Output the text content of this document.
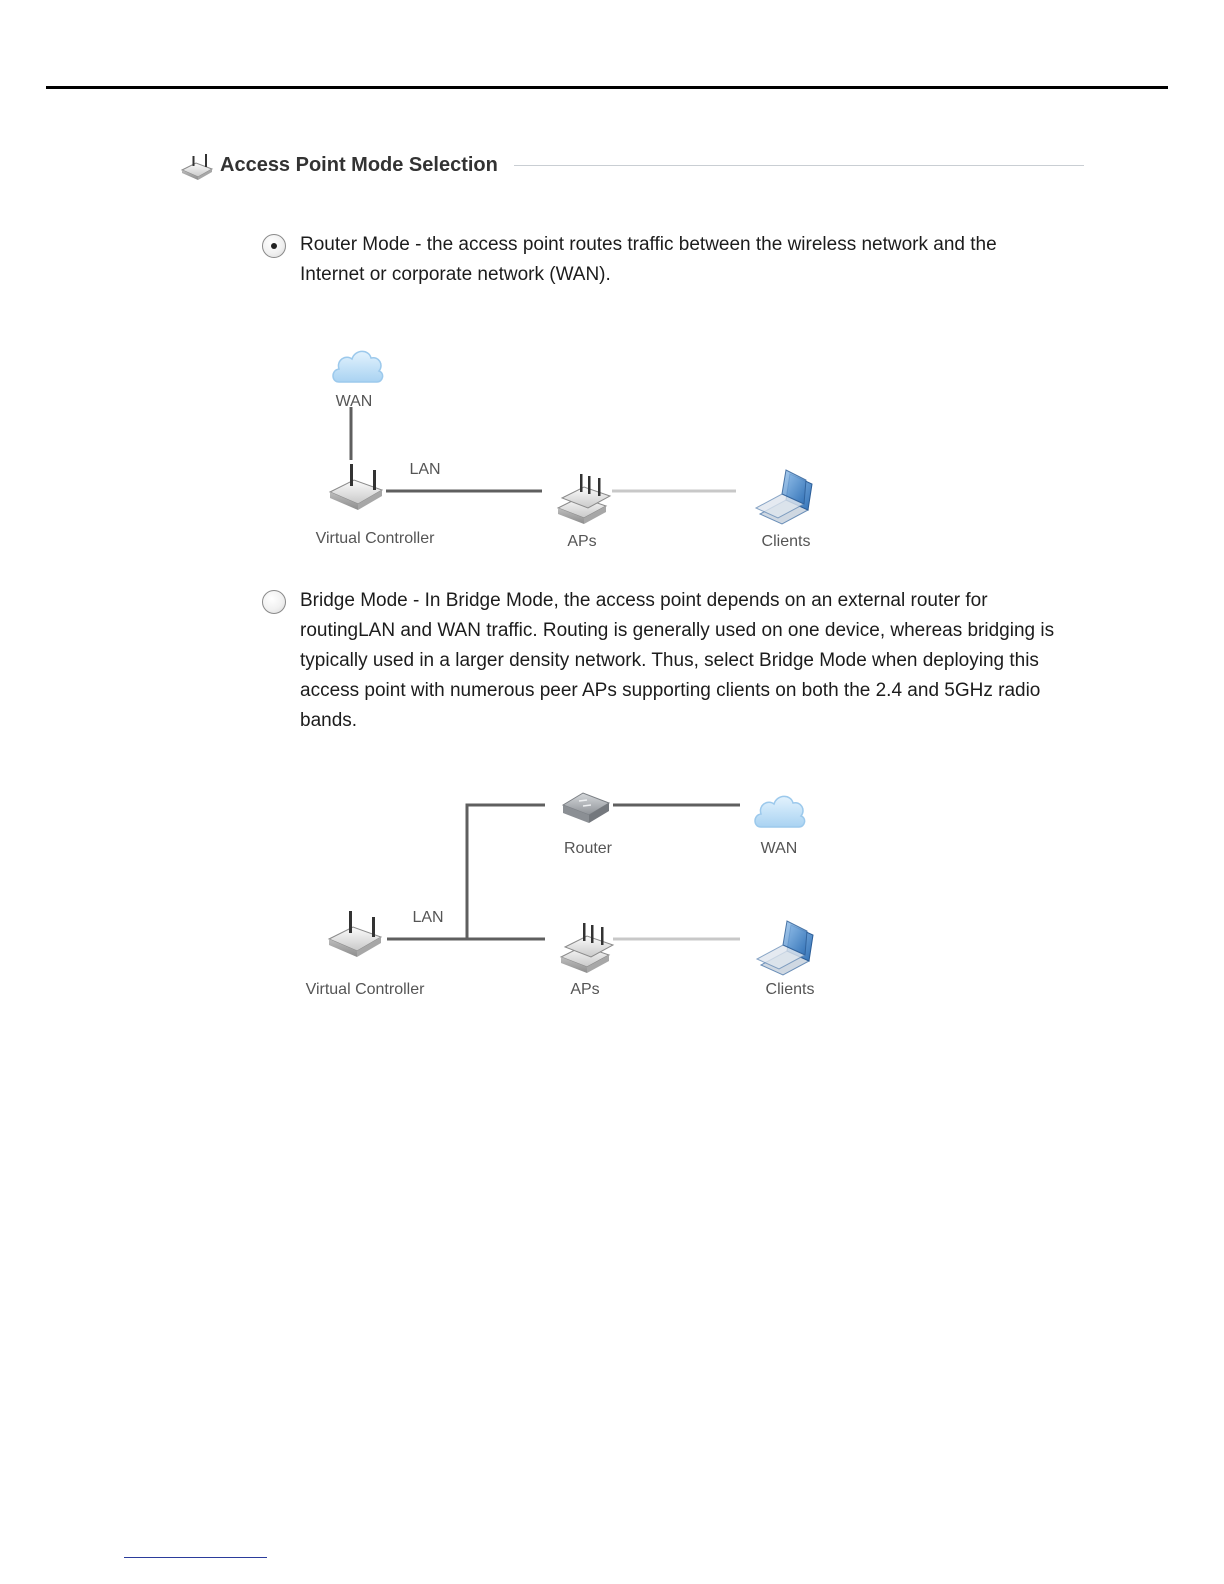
Access Point Mode Selection
Router Mode - the access point routes traffic between the wireless network and the Internet or corporate network (WAN).
WAN
LAN
Virtual Controller	APs	Clients
Bridge Mode - In Bridge Mode, the access point depends on an external router for routingLAN and WAN traffic. Routing is generally used on one device, whereas bridging is typically used in a larger density network. Thus, select Bridge Mode when deploying this access point with numerous peer APs supporting clients on both the 2.4 and 5GHz radio bands.
Router	WAN
LAN
Virtual Controller	APs	Clients
